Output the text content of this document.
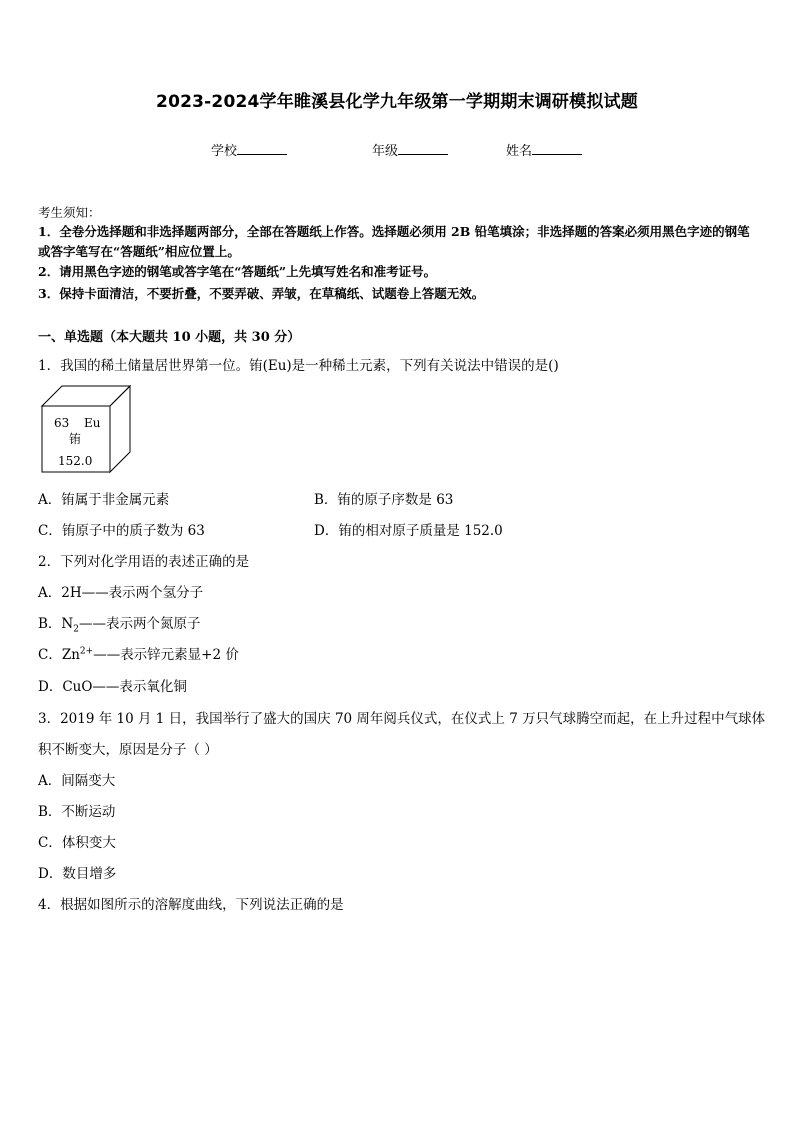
2023-2024学年睢溪县化学九年级第一学期期末调研模拟试题
学校	年级	姓名
考生须知：
1．全卷分选择题和非选择题两部分，全部在答题纸上作答。选择题必须用 2B 铅笔填涂；非选择题的答案必须用黑色字迹的钢笔或答字笔写在“答题纸”相应位置上。
2．请用黑色字迹的钢笔或答字笔在“答题纸”上先填写姓名和准考证号。
3．保持卡面清洁，不要折叠，不要弄破、弄皱，在草稿纸、试题卷上答题无效。
一、单选题（本大题共 10 小题，共 30 分）
1．我国的稀土储量居世界第一位。铕(Eu)是一种稀土元素，下列有关说法中错误的是()
63 Eu
铕
152.0
A．铕属于非金属元素	B．铕的原子序数是 63
C．铕原子中的质子数为 63	D．铕的相对原子质量是 152.0
2．下列对化学用语的表述正确的是
A．2H——表示两个氢分子
B．$N_2——$表示两个氮原子
C．$Zn^{2+}——$表示锌元素显+2 价
D．CuO——表示氧化铜
3．2019 年 10 月 1 日，我国举行了盛大的国庆 70 周年阅兵仪式，在仪式上 7 万只气球腾空而起，在上升过程中气球体
积不断变大，原因是分子（ ）
A．间隔变大
B．不断运动
C．体积变大
D．数目增多
4．根据如图所示的溶解度曲线，下列说法正确的是
